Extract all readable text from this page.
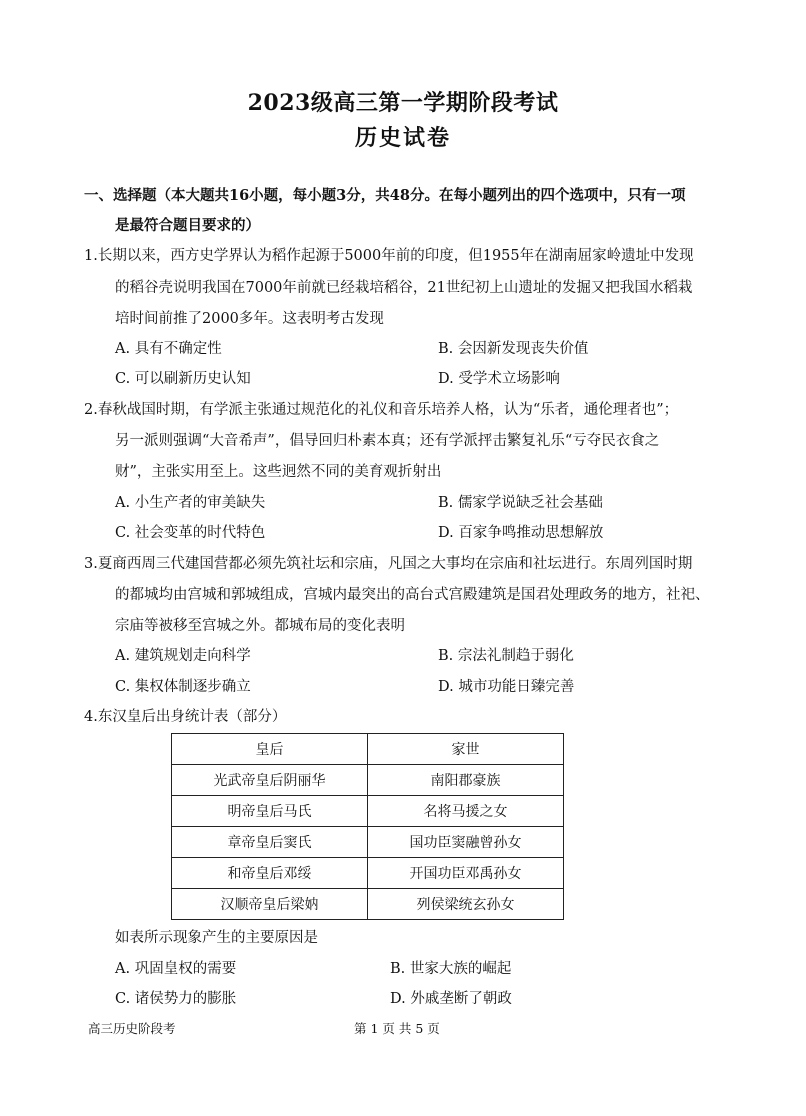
2023级高三第一学期阶段考试
历史试卷
一、选择题（本大题共16小题，每小题3分，共48分。在每小题列出的四个选项中，只有一项
是最符合题目要求的）
1.长期以来，西方史学界认为稻作起源于5000年前的印度，但1955年在湖南屈家岭遗址中发现
的稻谷壳说明我国在7000年前就已经栽培稻谷，21世纪初上山遗址的发掘又把我国水稻栽
培时间前推了2000多年。这表明考古发现
A. 具有不确定性	B. 会因新发现丧失价值
C. 可以刷新历史认知	D. 受学术立场影响
2.春秋战国时期，有学派主张通过规范化的礼仪和音乐培养人格，认为“乐者，通伦理者也”；
另一派则强调“大音希声”，倡导回归朴素本真；还有学派抨击繁复礼乐“亏夺民衣食之
财”，主张实用至上。这些迥然不同的美育观折射出
A. 小生产者的审美缺失	B. 儒家学说缺乏社会基础
C. 社会变革的时代特色	D. 百家争鸣推动思想解放
3.夏商西周三代建国营都必须先筑社坛和宗庙，凡国之大事均在宗庙和社坛进行。东周列国时期
的都城均由宫城和郭城组成，宫城内最突出的高台式宫殿建筑是国君处理政务的地方，社祀、
宗庙等被移至宫城之外。都城布局的变化表明
A. 建筑规划走向科学	B. 宗法礼制趋于弱化
C. 集权体制逐步确立	D. 城市功能日臻完善
4.东汉皇后出身统计表（部分）
皇后	家世
光武帝皇后阴丽华	南阳郡豪族
明帝皇后马氏	名将马援之女
章帝皇后窦氏	国功臣窦融曾孙女
和帝皇后邓绥	开国功臣邓禹孙女
汉顺帝皇后梁妠	列侯梁统玄孙女
如表所示现象产生的主要原因是
A. 巩固皇权的需要	B. 世家大族的崛起
C. 诸侯势力的膨胀	D. 外戚垄断了朝政
高三历史阶段考	第 1 页 共 5 页
